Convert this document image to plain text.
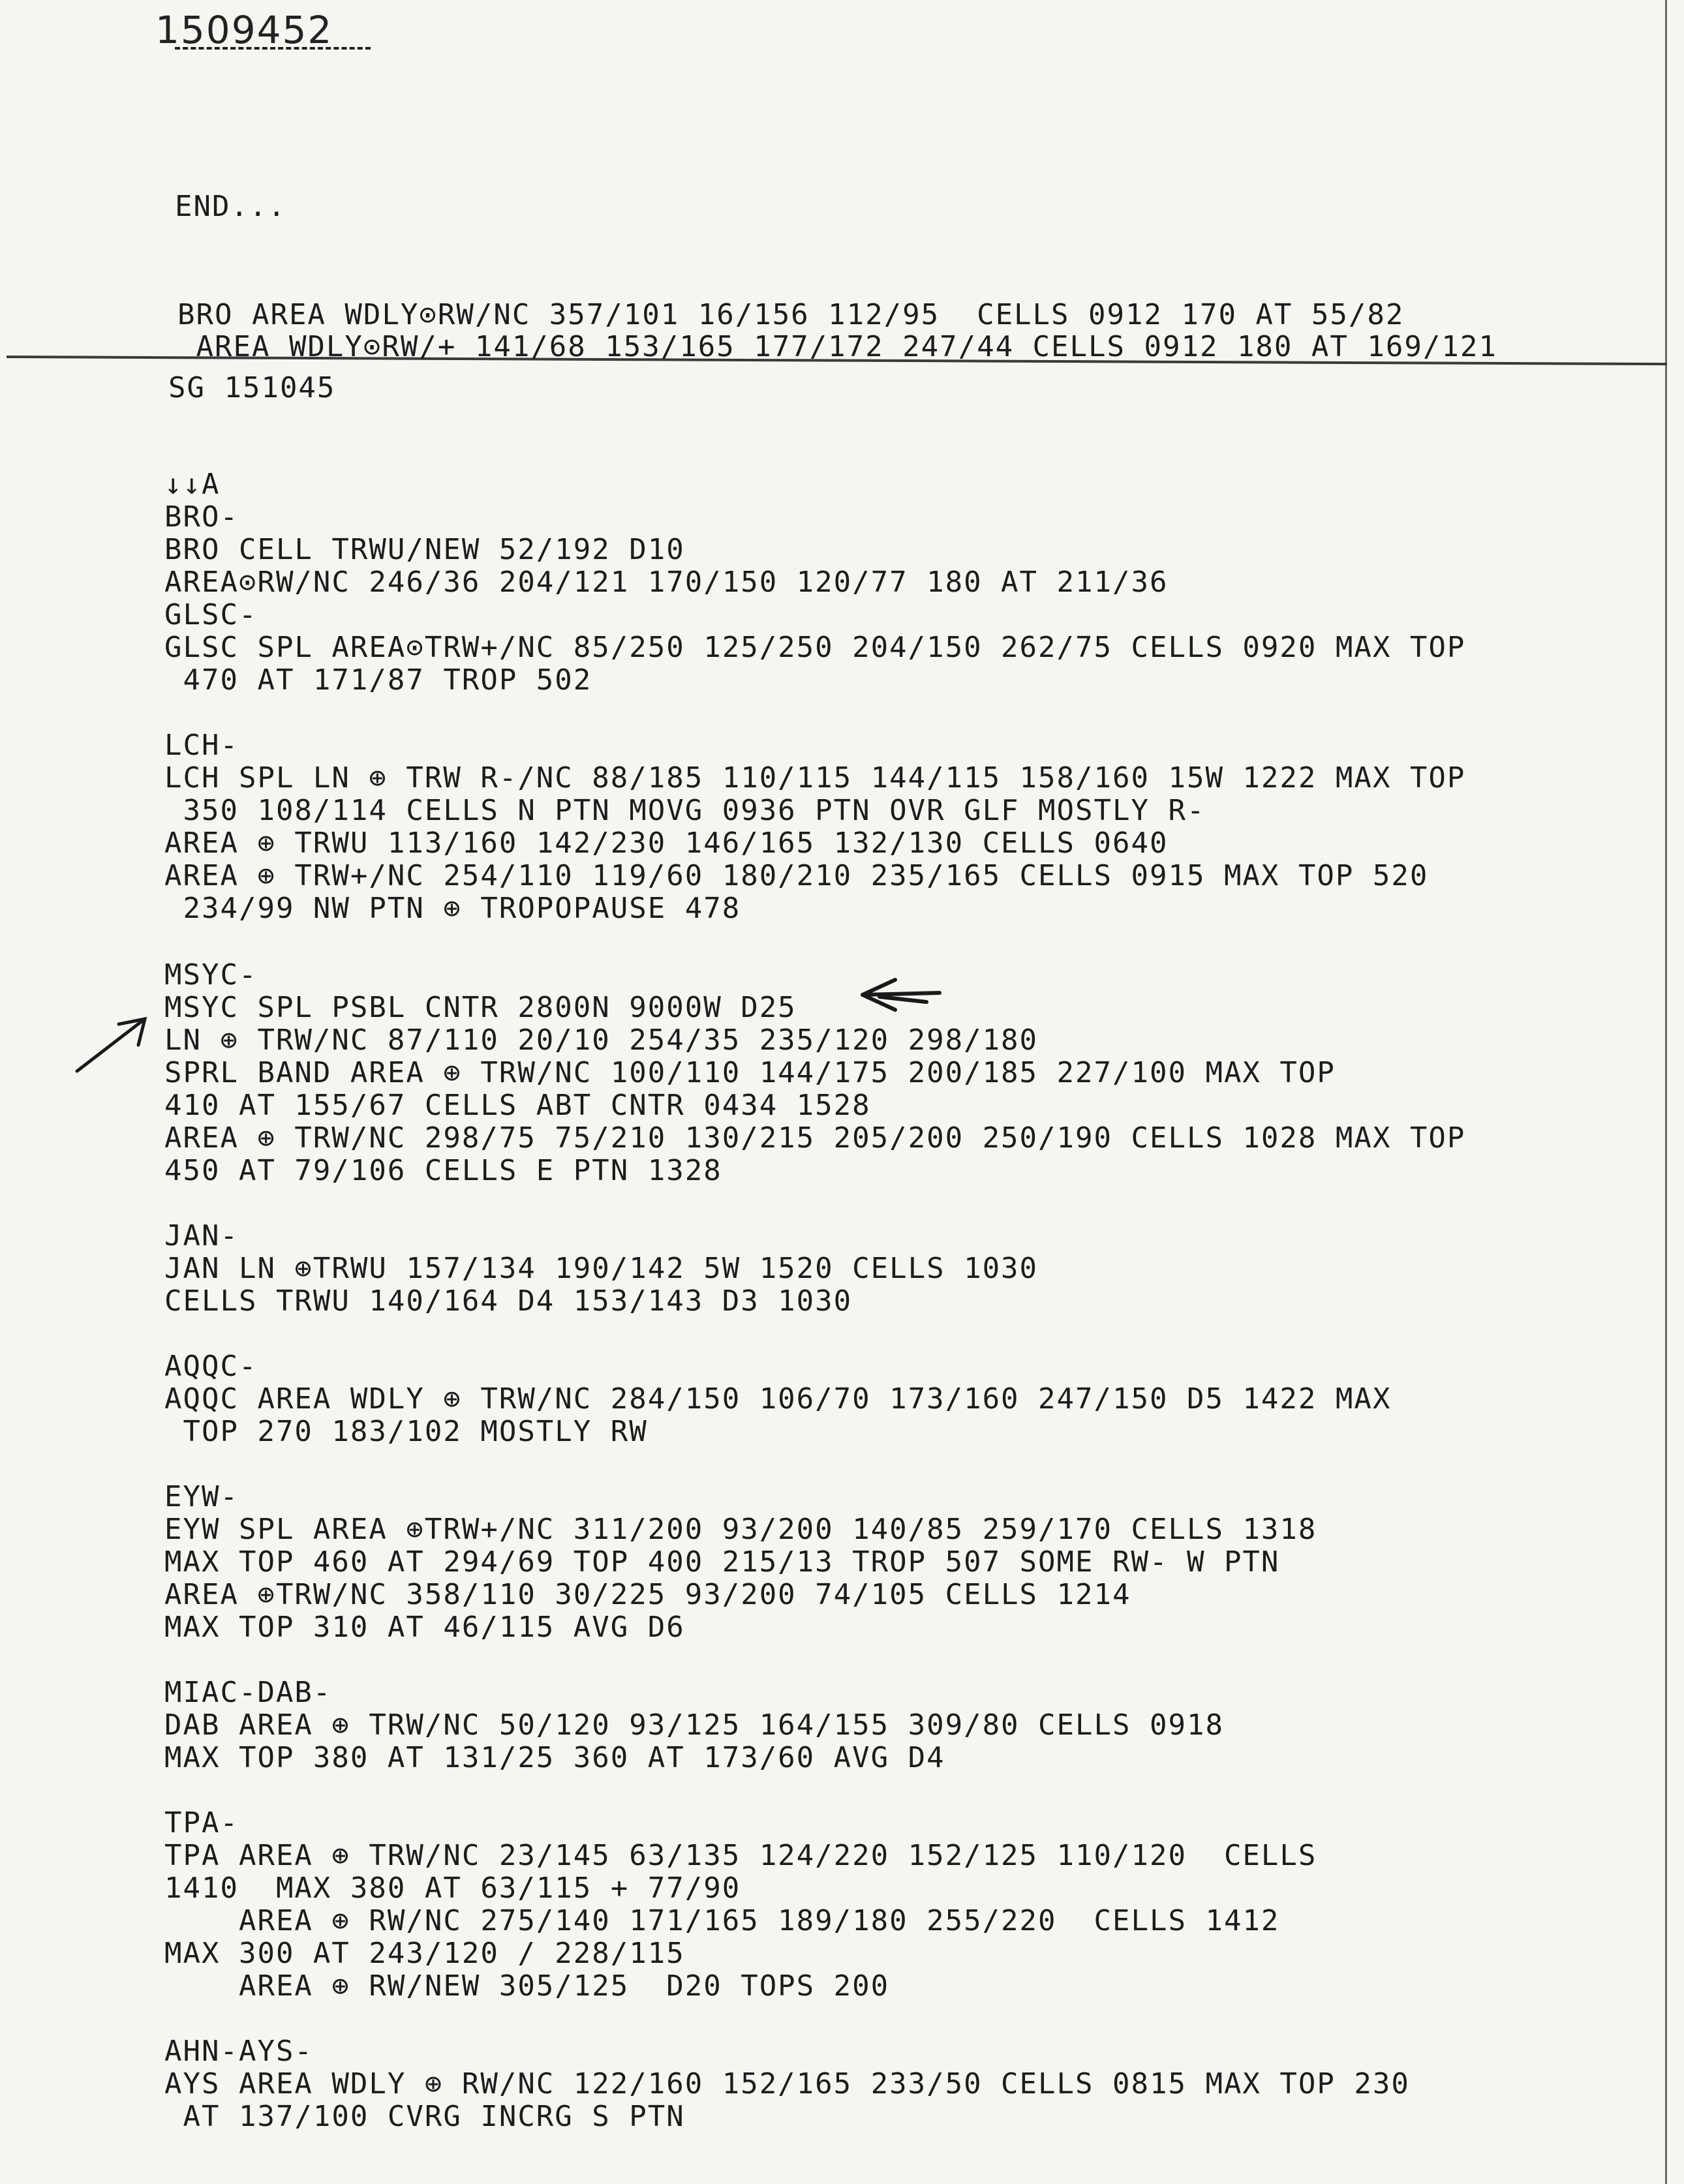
1509452
END...
BRO AREA WDLY⊙RW/NC 357/101 16/156 112/95  CELLS 0912 170 AT 55/82
AREA WDLY⊙RW/+ 141/68 153/165 177/172 247/44 CELLS 0912 180 AT 169/121
SG 151045
↓↓A
BRO-
BRO CELL TRWU/NEW 52/192 D10
AREA⊙RW/NC 246/36 204/121 170/150 120/77 180 AT 211/36
GLSC-
GLSC SPL AREA⊙TRW+/NC 85/250 125/250 204/150 262/75 CELLS 0920 MAX TOP
470 AT 171/87 TROP 502
LCH-
LCH SPL LN ⊕ TRW R-/NC 88/185 110/115 144/115 158/160 15W 1222 MAX TOP
350 108/114 CELLS N PTN MOVG 0936 PTN OVR GLF MOSTLY R-
AREA ⊕ TRWU 113/160 142/230 146/165 132/130 CELLS 0640
AREA ⊕ TRW+/NC 254/110 119/60 180/210 235/165 CELLS 0915 MAX TOP 520
234/99 NW PTN ⊕ TROPOPAUSE 478
MSYC-
MSYC SPL PSBL CNTR 2800N 9000W D25
LN ⊕ TRW/NC 87/110 20/10 254/35 235/120 298/180
SPRL BAND AREA ⊕ TRW/NC 100/110 144/175 200/185 227/100 MAX TOP
410 AT 155/67 CELLS ABT CNTR 0434 1528
AREA ⊕ TRW/NC 298/75 75/210 130/215 205/200 250/190 CELLS 1028 MAX TOP
450 AT 79/106 CELLS E PTN 1328
JAN-
JAN LN ⊕TRWU 157/134 190/142 5W 1520 CELLS 1030
CELLS TRWU 140/164 D4 153/143 D3 1030
AQQC-
AQQC AREA WDLY ⊕ TRW/NC 284/150 106/70 173/160 247/150 D5 1422 MAX
TOP 270 183/102 MOSTLY RW
EYW-
EYW SPL AREA ⊕TRW+/NC 311/200 93/200 140/85 259/170 CELLS 1318
MAX TOP 460 AT 294/69 TOP 400 215/13 TROP 507 SOME RW- W PTN
AREA ⊕TRW/NC 358/110 30/225 93/200 74/105 CELLS 1214
MAX TOP 310 AT 46/115 AVG D6
MIAC-DAB-
DAB AREA ⊕ TRW/NC 50/120 93/125 164/155 309/80 CELLS 0918
MAX TOP 380 AT 131/25 360 AT 173/60 AVG D4
TPA-
TPA AREA ⊕ TRW/NC 23/145 63/135 124/220 152/125 110/120  CELLS
1410  MAX 380 AT 63/115 + 77/90
AREA ⊕ RW/NC 275/140 171/165 189/180 255/220  CELLS 1412
MAX 300 AT 243/120 / 228/115
AREA ⊕ RW/NEW 305/125  D20 TOPS 200
AHN-AYS-
AYS AREA WDLY ⊕ RW/NC 122/160 152/165 233/50 CELLS 0815 MAX TOP 230
AT 137/100 CVRG INCRG S PTN
